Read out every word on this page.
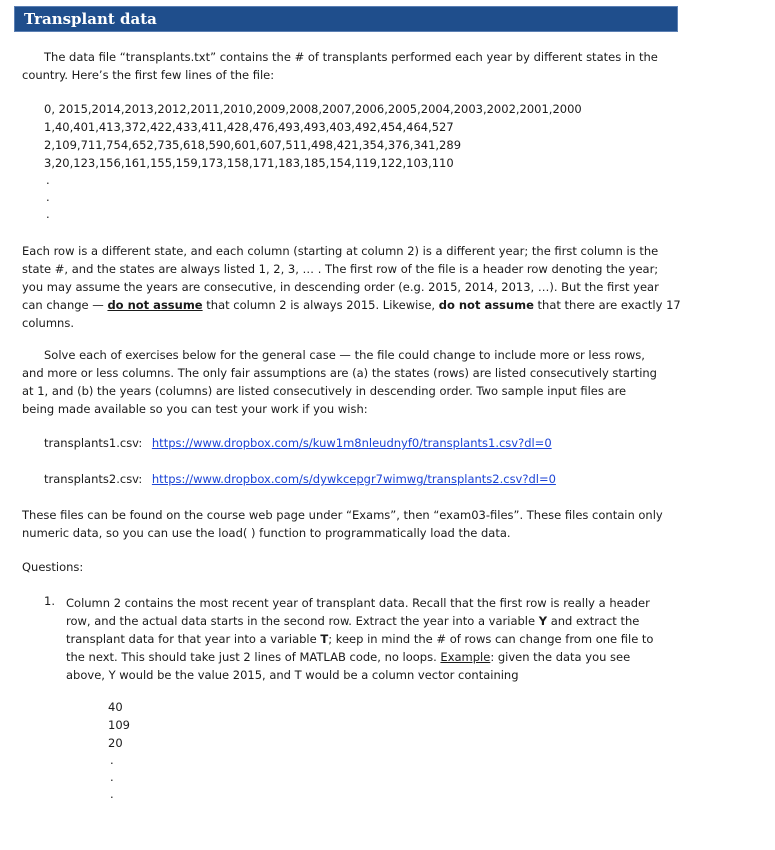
Transplant data

The data file “transplants.txt” contains the # of transplants performed each year by different states in the

country. Here’s the first few lines of the file:

0, 2015,2014,2013,2012,2011,2010,2009,2008,2007,2006,2005,2004,2003,2002,2001,2000
1,40,401,413,372,422,433,411,428,476,493,493,403,492,454,464,527
2,109,711,754,652,735,618,590,601,607,511,498,421,354,376,341,289
3,20,123,156,161,155,159,173,158,171,183,185,154,119,122,103,110
.
.
.

Each row is a different state, and each column (starting at column 2) is a different year; the first column is the

state #, and the states are always listed 1, 2, 3, … . The first row of the file is a header row denoting the year;

you may assume the years are consecutive, in descending order (e.g. 2015, 2014, 2013, …). But the first year

can change — do not assume that column 2 is always 2015. Likewise, do not assume that there are exactly 17

columns.

Solve each of exercises below for the general case — the file could change to include more or less rows,

and more or less columns. The only fair assumptions are (a) the states (rows) are listed consecutively starting

at 1, and (b) the years (columns) are listed consecutively in descending order. Two sample input files are

being made available so you can test your work if you wish:

transplants1.csv: https://www.dropbox.com/s/kuw1m8nleudnyf0/transplants1.csv?dl=0
transplants2.csv: https://www.dropbox.com/s/dywkcepgr7wimwg/transplants2.csv?dl=0

These files can be found on the course web page under “Exams”, then “exam03-files”. These files contain only

numeric data, so you can use the load( ) function to programmatically load the data.

Questions:
1. Column 2 contains the most recent year of transplant data. Recall that the first row is really a header

row, and the actual data starts in the second row. Extract the year into a variable Y and extract the

transplant data for that year into a variable T; keep in mind the # of rows can change from one file to

the next. This should take just 2 lines of MATLAB code, no loops. Example: given the data you see

above, Y would be the value 2015, and T would be a column vector containing

40
109
20
.
.
.
